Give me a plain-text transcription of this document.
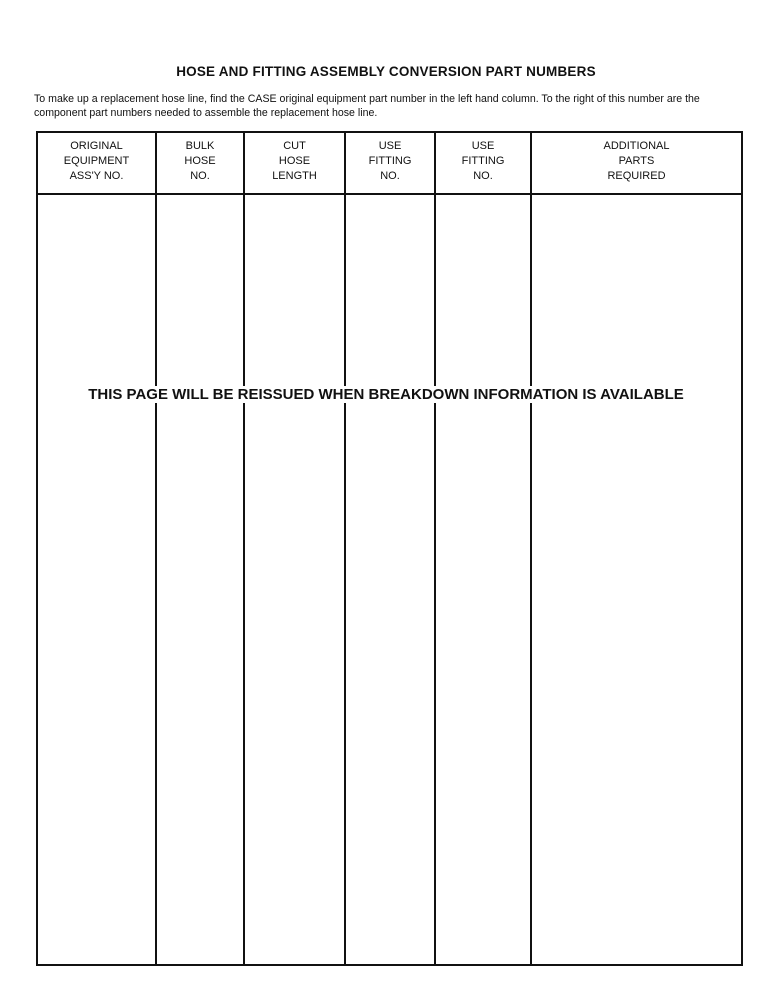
HOSE AND FITTING ASSEMBLY CONVERSION PART NUMBERS
To make up a replacement hose line, find the CASE original equipment part number in the left hand column. To the right of this number are the component part numbers needed to assemble the replacement hose line.
ORIGINAL
EQUIPMENT
ASS'Y NO.
BULK
HOSE
NO.
CUT
HOSE
LENGTH
USE
FITTING
NO.
USE
FITTING
NO.
ADDITIONAL
PARTS
REQUIRED
THIS PAGE WILL BE REISSUED WHEN BREAKDOWN INFORMATION IS AVAILABLE
